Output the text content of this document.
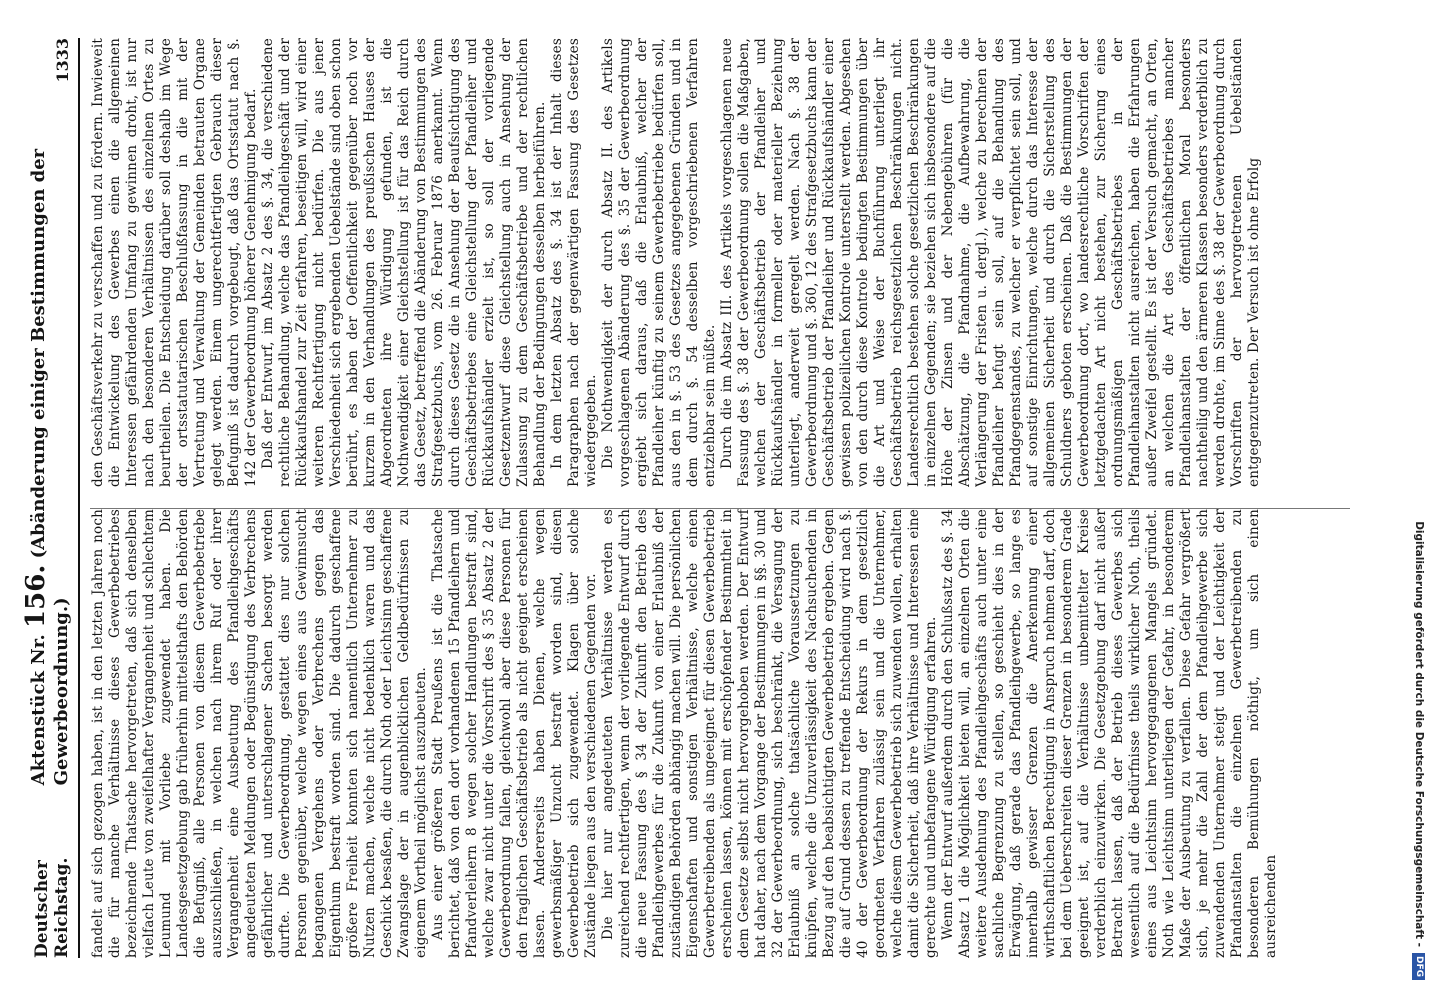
Deutscher Reichstag.
Aktenstück Nr. 156. (Abänderung einiger Bestimmungen der Gewerbeordnung.)
1333

fandelt auf sich gezogen haben, ist in den letzten Jahren noch die für manche Verhältnisse dieses Gewerbebetriebes bezeichnende Thatsache hervorgetreten, daß sich denselben vielfach Leute von zweifelhafter Vergangenheit und schlechtem Leumund mit Vorliebe zugewendet haben. Die Landesgesetzgebung gab früherhin mittelsthafts den Behörden die Befugniß, alle Personen von diesem Gewerbebetriebe auszuschließen, in welchen nach ihrem Ruf oder ihrer Vergangenheit eine Ausbeutung des Pfandleihgeschäfts angedeuteten Meldungen oder Begünstigung des Verbrechens gefährlicher und unterschlagener Sachen besorgt werden durfte. Die Gewerbeordnung, gestattet dies nur solchen Personen gegenüber, welche wegen eines aus Gewinnsucht begangenen Vergehens oder Verbrechens gegen das Eigenthum bestraft worden sind. Die dadurch geschaffene größere Freiheit konnten sich namentlich Unternehmer zu Nutzen machen, welche nicht bedenklich waren und das Geschick besaßen, die durch Noth oder Leichtsinn geschaffene Zwangslage der in augenblicklichen Geldbedürfnissen zu eigenem Vortheil möglichst auszubeuten. Aus einer größeren Stadt Preußens ist die Thatsache berichtet, daß von den dort vorhandenen 15 Pfandleihern und Pfandverleihern 8 wegen solcher Handlungen bestraft sind, welche zwar nicht unter die Vorschrift des § 35 Absatz 2 der Gewerbeordnung fallen, gleichwohl aber diese Personen für den fraglichen Geschäftsbetrieb als nicht geeignet erscheinen lassen. Andererseits haben Dienen, welche wegen gewerbsmäßiger Unzucht bestraft worden sind, diesen Gewerbebetrieb sich zugewendet. Klagen über solche Zustände liegen aus den verschiedenen Gegenden vor. Die hier nur angedeuteten Verhältnisse werden es zureichend rechtfertigen, wenn der vorliegende Entwurf durch die neue Fassung des § 34 der Zukunft den Betrieb des Pfandleihgewerbes für die Zukunft von einer Erlaubniß der zuständigen Behörden abhängig machen will. Die persönlichen Eigenschaften und sonstigen Verhältnisse, welche einen Gewerbetreibenden als ungeeignet für diesen Gewerbebetrieb erscheinen lassen, können mit erschöpfender Bestimmtheit in dem Gesetze selbst nicht hervorgehoben werden. Der Entwurf hat daher, nach dem Vorgange der Bestimmungen in §§. 30 und 32 der Gewerbeordnung, sich beschränkt, die Versagung der Erlaubniß an solche thatsächliche Voraussetzungen zu knüpfen, welche die Unzuverlässigkeit des Nachsuchenden in Bezug auf den beabsichtigten Gewerbebetrieb ergeben. Gegen die auf Grund dessen zu treffende Entscheidung wird nach §. 40 der Gewerbeordnung der Rekurs in dem gesetzlich geordneten Verfahren zulässig sein und die Unternehmer, welche diesem Gewerbebetrieb sich zuwenden wollen, erhalten damit die Sicherheit, daß ihre Verhältnisse und Interessen eine gerechte und unbefangene Würdigung erfahren. Wenn der Entwurf außerdem durch den Schlußsatz des §. 34 Absatz 1 die Möglichkeit bieten will, an einzelnen Orten die weitere Ausdehnung des Pfandleihgeschäfts auch unter eine sachliche Begrenzung zu stellen, so geschieht dies in der Erwägung, daß gerade das Pfandleihgewerbe, so lange es innerhalb gewisser Grenzen die Anerkennung einer wirthschaftlichen Berechtigung in Anspruch nehmen darf, doch bei dem Ueberschreiten dieser Grenzen in besonderem Grade geeignet ist, auf die Verhältnisse unbemittelter Kreise verderblich einzuwirken. Die Gesetzgebung darf nicht außer Betracht lassen, daß der Betrieb dieses Gewerbes sich wesentlich auf die Bedürfnisse theils wirklicher Noth, theils eines aus Leichtsinn hervorgegangenen Mangels gründet. Noth wie Leichtsinn unterliegen der Gefahr, in besonderem Maße der Ausbeutung zu verfallen. Diese Gefahr vergrößert sich, je mehr die Zahl der dem Pfandleihgewerbe sich zuwendenden Unternehmer steigt und der Leichtigkeit der Pfandanstalten die einzelnen Gewerbetreibenden zu besonderen Bemühungen nöthigt, um sich einen ausreichenden

den Geschäftsverkehr zu verschaffen und zu fördern. Inwieweit die Entwickelung des Gewerbes einen die allgemeinen Interessen gefährdenden Umfang zu gewinnen droht, ist nur nach den besonderen Verhältnissen des einzelnen Ortes zu beurtheilen. Die Entscheidung darüber soll deshalb im Wege der ortsstatutarischen Beschlußfassung in die mit der Vertretung und Verwaltung der Gemeinden betrauten Organe gelegt werden. Einem ungerechtfertigten Gebrauch dieser Befugniß ist dadurch vorgebeugt, daß das Ortsstatut nach §. 142 der Gewerbeordnung höherer Genehmigung bedarf. Daß der Entwurf, im Absatz 2 des §. 34, die verschiedene rechtliche Behandlung, welche das Pfandleihgeschäft und der Rückkaufshandel zur Zeit erfahren, beseitigen will, wird einer weiteren Rechtfertigung nicht bedürfen. Die aus jener Verschiedenheit sich ergebenden Uebelstände sind oben schon berührt, es haben der Oeffentlichkeit gegenüber noch vor kurzem in den Verhandlungen des preußischen Hauses der Abgeordneten ihre Würdigung gefunden, ist die Nothwendigkeit einer Gleichstellung ist für das Reich durch das Gesetz, betreffend die Abänderung von Bestimmungen des Strafgesetzbuchs, vom 26. Februar 1876 anerkannt. Wenn durch dieses Gesetz die in Ansehung der Beaufsichtigung des Geschäftsbetriebes eine Gleichstellung der Pfandleiher und Rückkaufshändler erzielt ist, so soll der vorliegende Gesetzentwurf diese Gleichstellung auch in Ansehung der Zulassung zu dem Geschäftsbetriebe und der rechtlichen Behandlung der Bedingungen desselben herbeiführen. In dem letzten Absatz des §. 34 ist der Inhalt dieses Paragraphen nach der gegenwärtigen Fassung des Gesetzes wiedergegeben. Die Nothwendigkeit der durch Absatz II. des Artikels vorgeschlagenen Abänderung des §. 35 der Gewerbeordnung ergiebt sich daraus, daß die Erlaubniß, welcher der Pfandleiher künftig zu seinem Gewerbebetriebe bedürfen soll, aus den in §. 53 des Gesetzes angegebenen Gründen und in dem durch §. 54 desselben vorgeschriebenen Verfahren entziehbar sein müßte. Durch die im Absatz III. des Artikels vorgeschlagenen neue Fassung des §. 38 der Gewerbeordnung sollen die Maßgaben, welchen der Geschäftsbetrieb der Pfandleiher und Rückkaufshändler in formeller oder materieller Beziehung unterliegt, anderweit geregelt werden. Nach §. 38 der Gewerbeordnung und §. 360, 12 des Strafgesetzbuchs kann der Geschäftsbetrieb der Pfandleiher und Rückkaufshändler einer gewissen polizeilichen Kontrole unterstellt werden. Abgesehen von den durch diese Kontrole bedingten Bestimmungen über die Art und Weise der Buchführung unterliegt ihr Geschäftsbetrieb reichsgesetzlichen Beschränkungen nicht. Landesrechtlich bestehen solche gesetzlichen Beschränkungen in einzelnen Gegenden; sie beziehen sich insbesondere auf die Höhe der Zinsen und der Nebengebühren (für die Abschätzung, die Pfandnahme, die Aufbewahrung, die Verlängerung der Fristen u. dergl.), welche zu berechnen der Pfandleiher befugt sein soll, auf die Behandlung des Pfandgegenstandes, zu welcher er verpflichtet sein soll, und auf sonstige Einrichtungen, welche durch das Interesse der allgemeinen Sicherheit und durch die Sicherstellung des Schuldners geboten erscheinen. Daß die Bestimmungen der Gewerbeordnung dort, wo landesrechtliche Vorschriften der letztgedachten Art nicht bestehen, zur Sicherung eines ordnungsmäßigen Geschäftsbetriebes in der Pfandleihanstalten nicht ausreichen, haben die Erfahrungen außer Zweifel gestellt. Es ist der Versuch gemacht, an Orten, an welchen die Art des Geschäftsbetriebes mancher Pfandleihanstalten der öffentlichen Moral besonders nachtheilig und den ärmeren Klassen besonders verderblich zu werden drohte, im Sinne des §. 38 der Gewerbeordnung durch Vorschriften der hervorgetretenen Uebelständen entgegenzutreten. Der Versuch ist ohne Erfolg

Digitalisierung gefördert durch die Deutsche Forschungsgemeinschaft -
DFG
